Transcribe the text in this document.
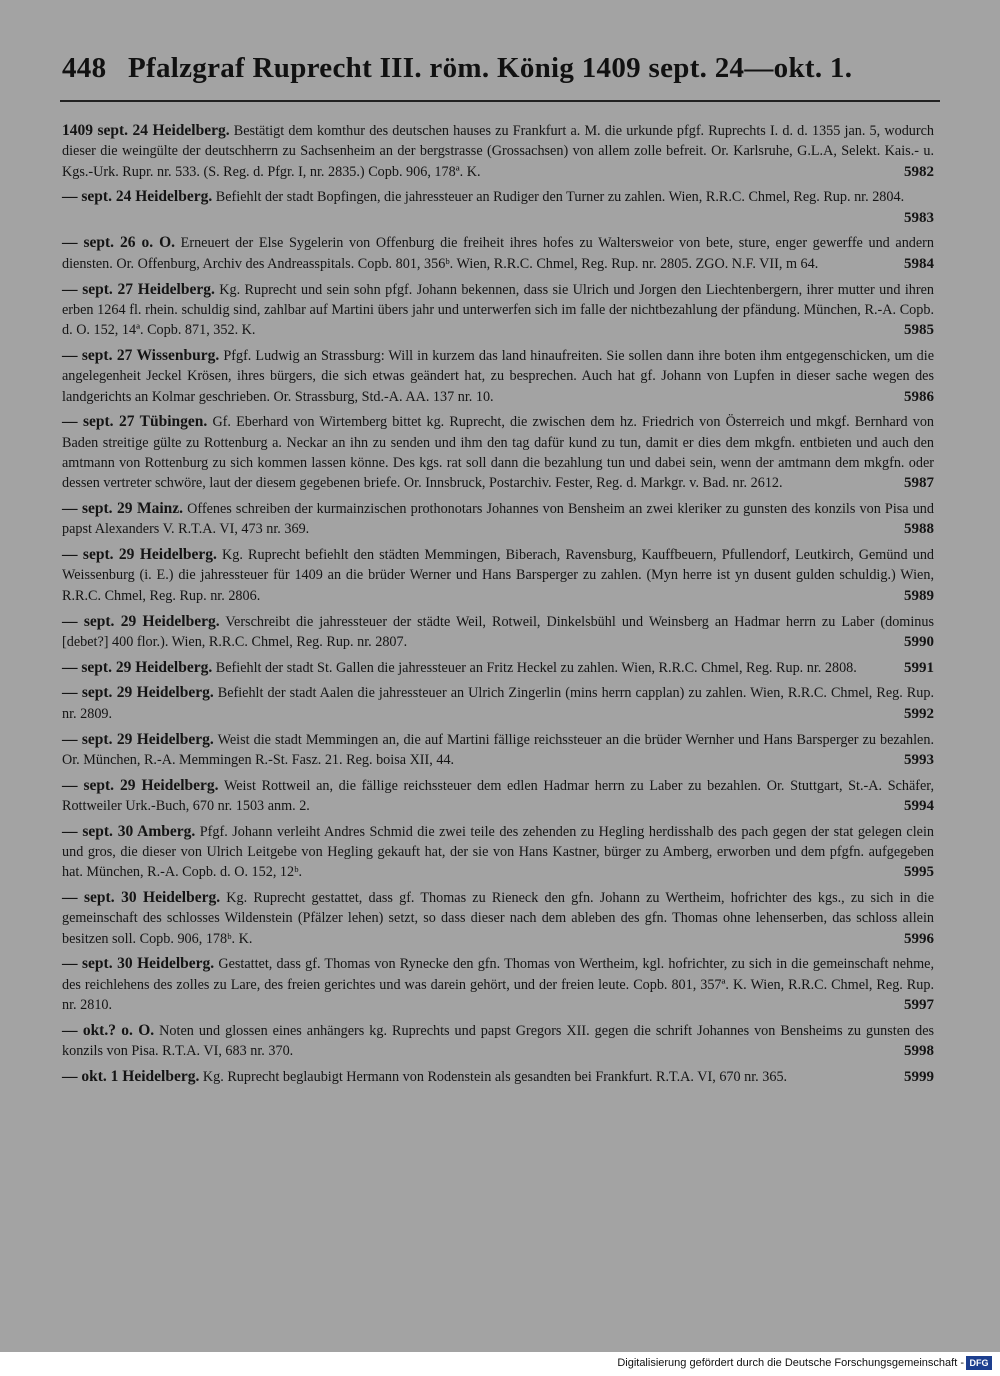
448 Pfalzgraf Ruprecht III. röm. König 1409 sept. 24—okt. 1.
1409 sept. 24 Heidelberg. Bestätigt dem komthur des deutschen hauses zu Frankfurt a. M. die urkunde pfgf. Ruprechts I. d. d. 1355 jan. 5, wodurch dieser die weingülte der deutschherrn zu Sachsenheim an der bergstrasse (Grossachsen) von allem zolle befreit. Or. Karlsruhe, G.L.A, Selekt. Kais.- u. Kgs.-Urk. Rupr. nr. 533. (S. Reg. d. Pfgr. I, nr. 2835.) Copb. 906, 178ª. K.	5982
— sept. 24 Heidelberg. Befiehlt der stadt Bopfingen, die jahressteuer an Rudiger den Turner zu zahlen. Wien, R.R.C. Chmel, Reg. Rup. nr. 2804.
5983
— sept. 26 o. O. Erneuert der Else Sygelerin von Offenburg die freiheit ihres hofes zu Waltersweior von bete, sture, enger gewerffe und andern diensten. Or. Offenburg, Archiv des Andreasspitals. Copb. 801, 356ᵇ. Wien, R.R.C. Chmel, Reg. Rup. nr. 2805. ZGO. N.F. VII, m 64.	5984
— sept. 27 Heidelberg. Kg. Ruprecht und sein sohn pfgf. Johann bekennen, dass sie Ulrich und Jorgen den Liechtenbergern, ihrer mutter und ihren erben 1264 fl. rhein. schuldig sind, zahlbar auf Martini übers jahr und unterwerfen sich im falle der nichtbezahlung der pfändung. München, R.-A. Copb. d. O. 152, 14ª. Copb. 871, 352. K.	5985
— sept. 27 Wissenburg. Pfgf. Ludwig an Strassburg: Will in kurzem das land hinaufreiten. Sie sollen dann ihre boten ihm entgegenschicken, um die angelegenheit Jeckel Krösen, ihres bürgers, die sich etwas geändert hat, zu besprechen. Auch hat gf. Johann von Lupfen in dieser sache wegen des landgerichts an Kolmar geschrieben. Or. Strassburg, Std.-A. AA. 137 nr. 10.	5986
— sept. 27 Tübingen. Gf. Eberhard von Wirtemberg bittet kg. Ruprecht, die zwischen dem hz. Friedrich von Österreich und mkgf. Bernhard von Baden streitige gülte zu Rottenburg a. Neckar an ihn zu senden und ihm den tag dafür kund zu tun, damit er dies dem mkgfn. entbieten und auch den amtmann von Rottenburg zu sich kommen lassen könne. Des kgs. rat soll dann die bezahlung tun und dabei sein, wenn der amtmann dem mkgfn. oder dessen vertreter schwöre, laut der diesem gegebenen briefe. Or. Innsbruck, Postarchiv. Fester, Reg. d. Markgr. v. Bad. nr. 2612.	5987
— sept. 29 Mainz. Offenes schreiben der kurmainzischen prothonotars Johannes von Bensheim an zwei kleriker zu gunsten des konzils von Pisa und papst Alexanders V. R.T.A. VI, 473 nr. 369.	5988
— sept. 29 Heidelberg. Kg. Ruprecht befiehlt den städten Memmingen, Biberach, Ravensburg, Kauffbeuern, Pfullendorf, Leutkirch, Gemünd und Weissenburg (i. E.) die jahressteuer für 1409 an die brüder Werner und Hans Barsperger zu zahlen. (Myn herre ist yn dusent gulden schuldig.) Wien, R.R.C. Chmel, Reg. Rup. nr. 2806.	5989
— sept. 29 Heidelberg. Verschreibt die jahressteuer der städte Weil, Rotweil, Dinkelsbühl und Weinsberg an Hadmar herrn zu Laber (dominus [debet?] 400 flor.). Wien, R.R.C. Chmel, Reg. Rup. nr. 2807.	5990
— sept. 29 Heidelberg. Befiehlt der stadt St. Gallen die jahressteuer an Fritz Heckel zu zahlen. Wien, R.R.C. Chmel, Reg. Rup. nr. 2808.	5991
— sept. 29 Heidelberg. Befiehlt der stadt Aalen die jahressteuer an Ulrich Zingerlin (mins herrn capplan) zu zahlen. Wien, R.R.C. Chmel, Reg. Rup. nr. 2809.	5992
— sept. 29 Heidelberg. Weist die stadt Memmingen an, die auf Martini fällige reichssteuer an die brüder Wernher und Hans Barsperger zu bezahlen. Or. München, R.-A. Memmingen R.-St. Fasz. 21. Reg. boisa XII, 44.	5993
— sept. 29 Heidelberg. Weist Rottweil an, die fällige reichssteuer dem edlen Hadmar herrn zu Laber zu bezahlen. Or. Stuttgart, St.-A. Schäfer, Rottweiler Urk.-Buch, 670 nr. 1503 anm. 2.	5994
— sept. 30 Amberg. Pfgf. Johann verleiht Andres Schmid die zwei teile des zehenden zu Hegling herdisshalb des pach gegen der stat gelegen clein und gros, die dieser von Ulrich Leitgebe von Hegling gekauft hat, der sie von Hans Kastner, bürger zu Amberg, erworben und dem pfgfn. aufgegeben hat. München, R.-A. Copb. d. O. 152, 12ᵇ.	5995
— sept. 30 Heidelberg. Kg. Ruprecht gestattet, dass gf. Thomas zu Rieneck den gfn. Johann zu Wertheim, hofrichter des kgs., zu sich in die gemeinschaft des schlosses Wildenstein (Pfälzer lehen) setzt, so dass dieser nach dem ableben des gfn. Thomas ohne lehenserben, das schloss allein besitzen soll. Copb. 906, 178ᵇ. K.	5996
— sept. 30 Heidelberg. Gestattet, dass gf. Thomas von Rynecke den gfn. Thomas von Wertheim, kgl. hofrichter, zu sich in die gemeinschaft nehme, des reichlehens des zolles zu Lare, des freien gerichtes und was darein gehört, und der freien leute. Copb. 801, 357ª. K. Wien, R.R.C. Chmel, Reg. Rup. nr. 2810.	5997
— okt.? o. O. Noten und glossen eines anhängers kg. Ruprechts und papst Gregors XII. gegen die schrift Johannes von Bensheims zu gunsten des konzils von Pisa. R.T.A. VI, 683 nr. 370.	5998
— okt. 1 Heidelberg. Kg. Ruprecht beglaubigt Hermann von Rodenstein als gesandten bei Frankfurt. R.T.A. VI, 670 nr. 365.	5999
Digitalisierung gefördert durch die Deutsche Forschungsgemeinschaft - DFG
